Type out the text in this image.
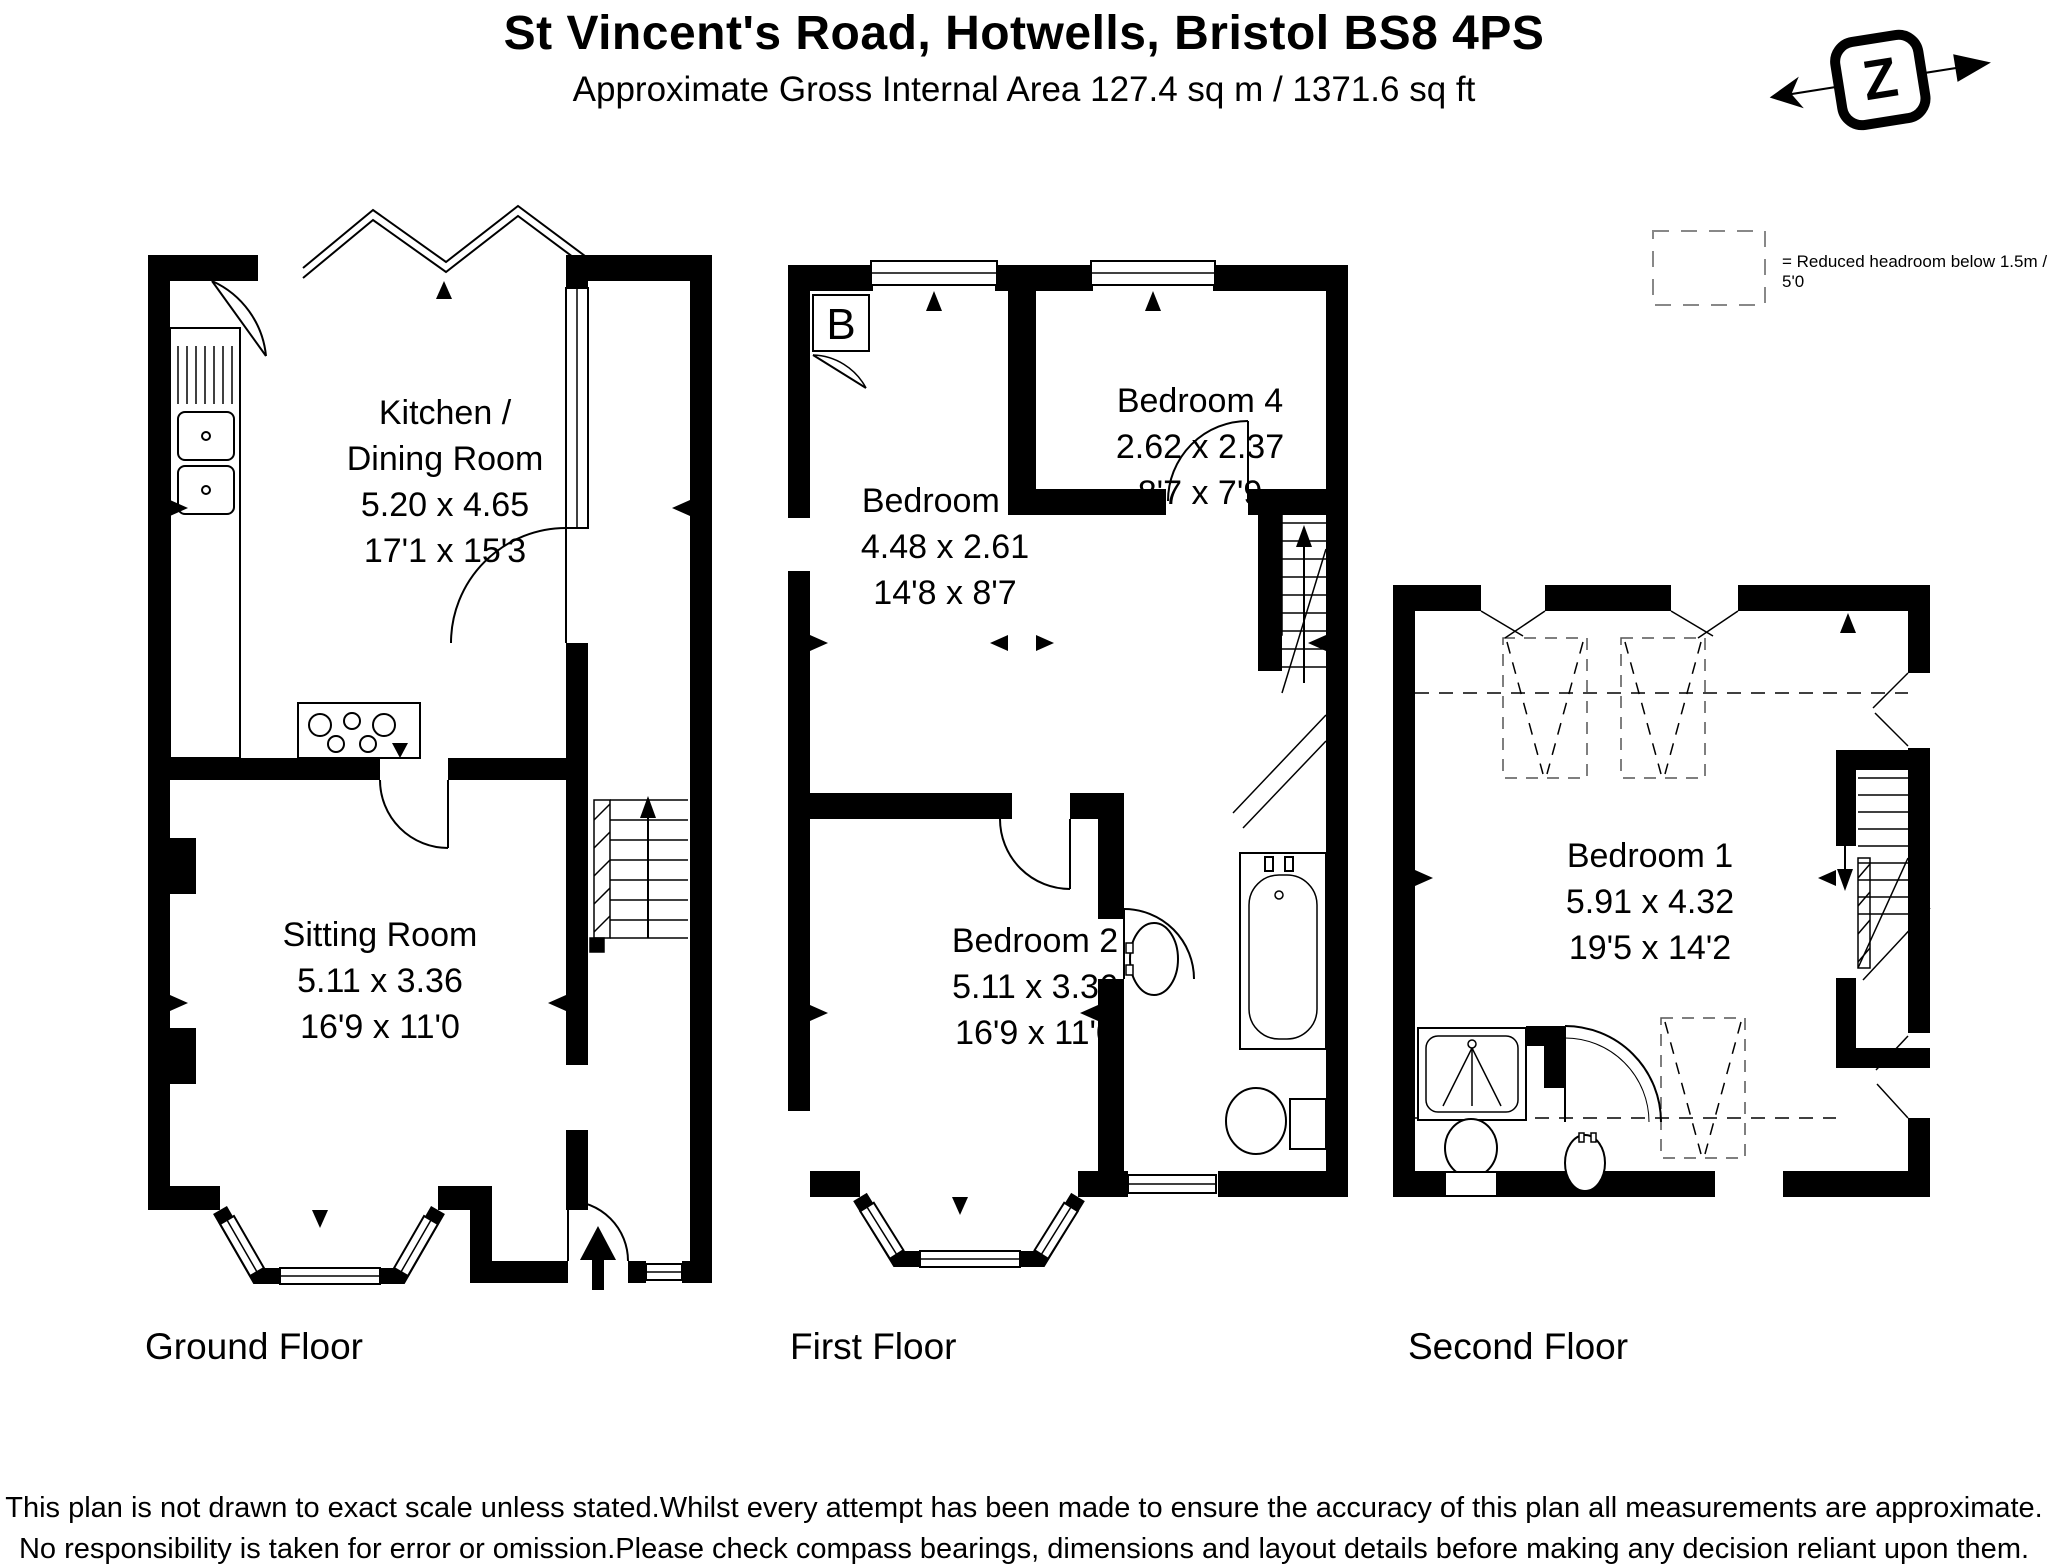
St Vincent's Road, Hotwells, Bristol BS8 4PS
Approximate Gross Internal Area 127.4 sq m / 1371.6 sq ft	Z
= Reduced headroom below 1.5m / 5'0
B
Kitchen /
Dining Room
5.20 x 4.65
17'1 x 15'3
Sitting Room
5.11 x 3.36
16'9 x 11'0
Bedroom 3
4.48 x 2.61
14'8 x 8'7
Bedroom 4
2.62 x 2.37
8'7 x 7'9
Bedroom 2
5.11 x 3.36
16'9 x 11'0
Bedroom 1
5.91 x 4.32
19'5 x 14'2
Ground Floor	First Floor	Second Floor
This plan is not drawn to exact scale unless stated.Whilst every attempt has been made to ensure the accuracy of this plan all measurements are approximate.
No responsibility is taken for error or omission.Please check compass bearings, dimensions and layout details before making any decision reliant upon them.
